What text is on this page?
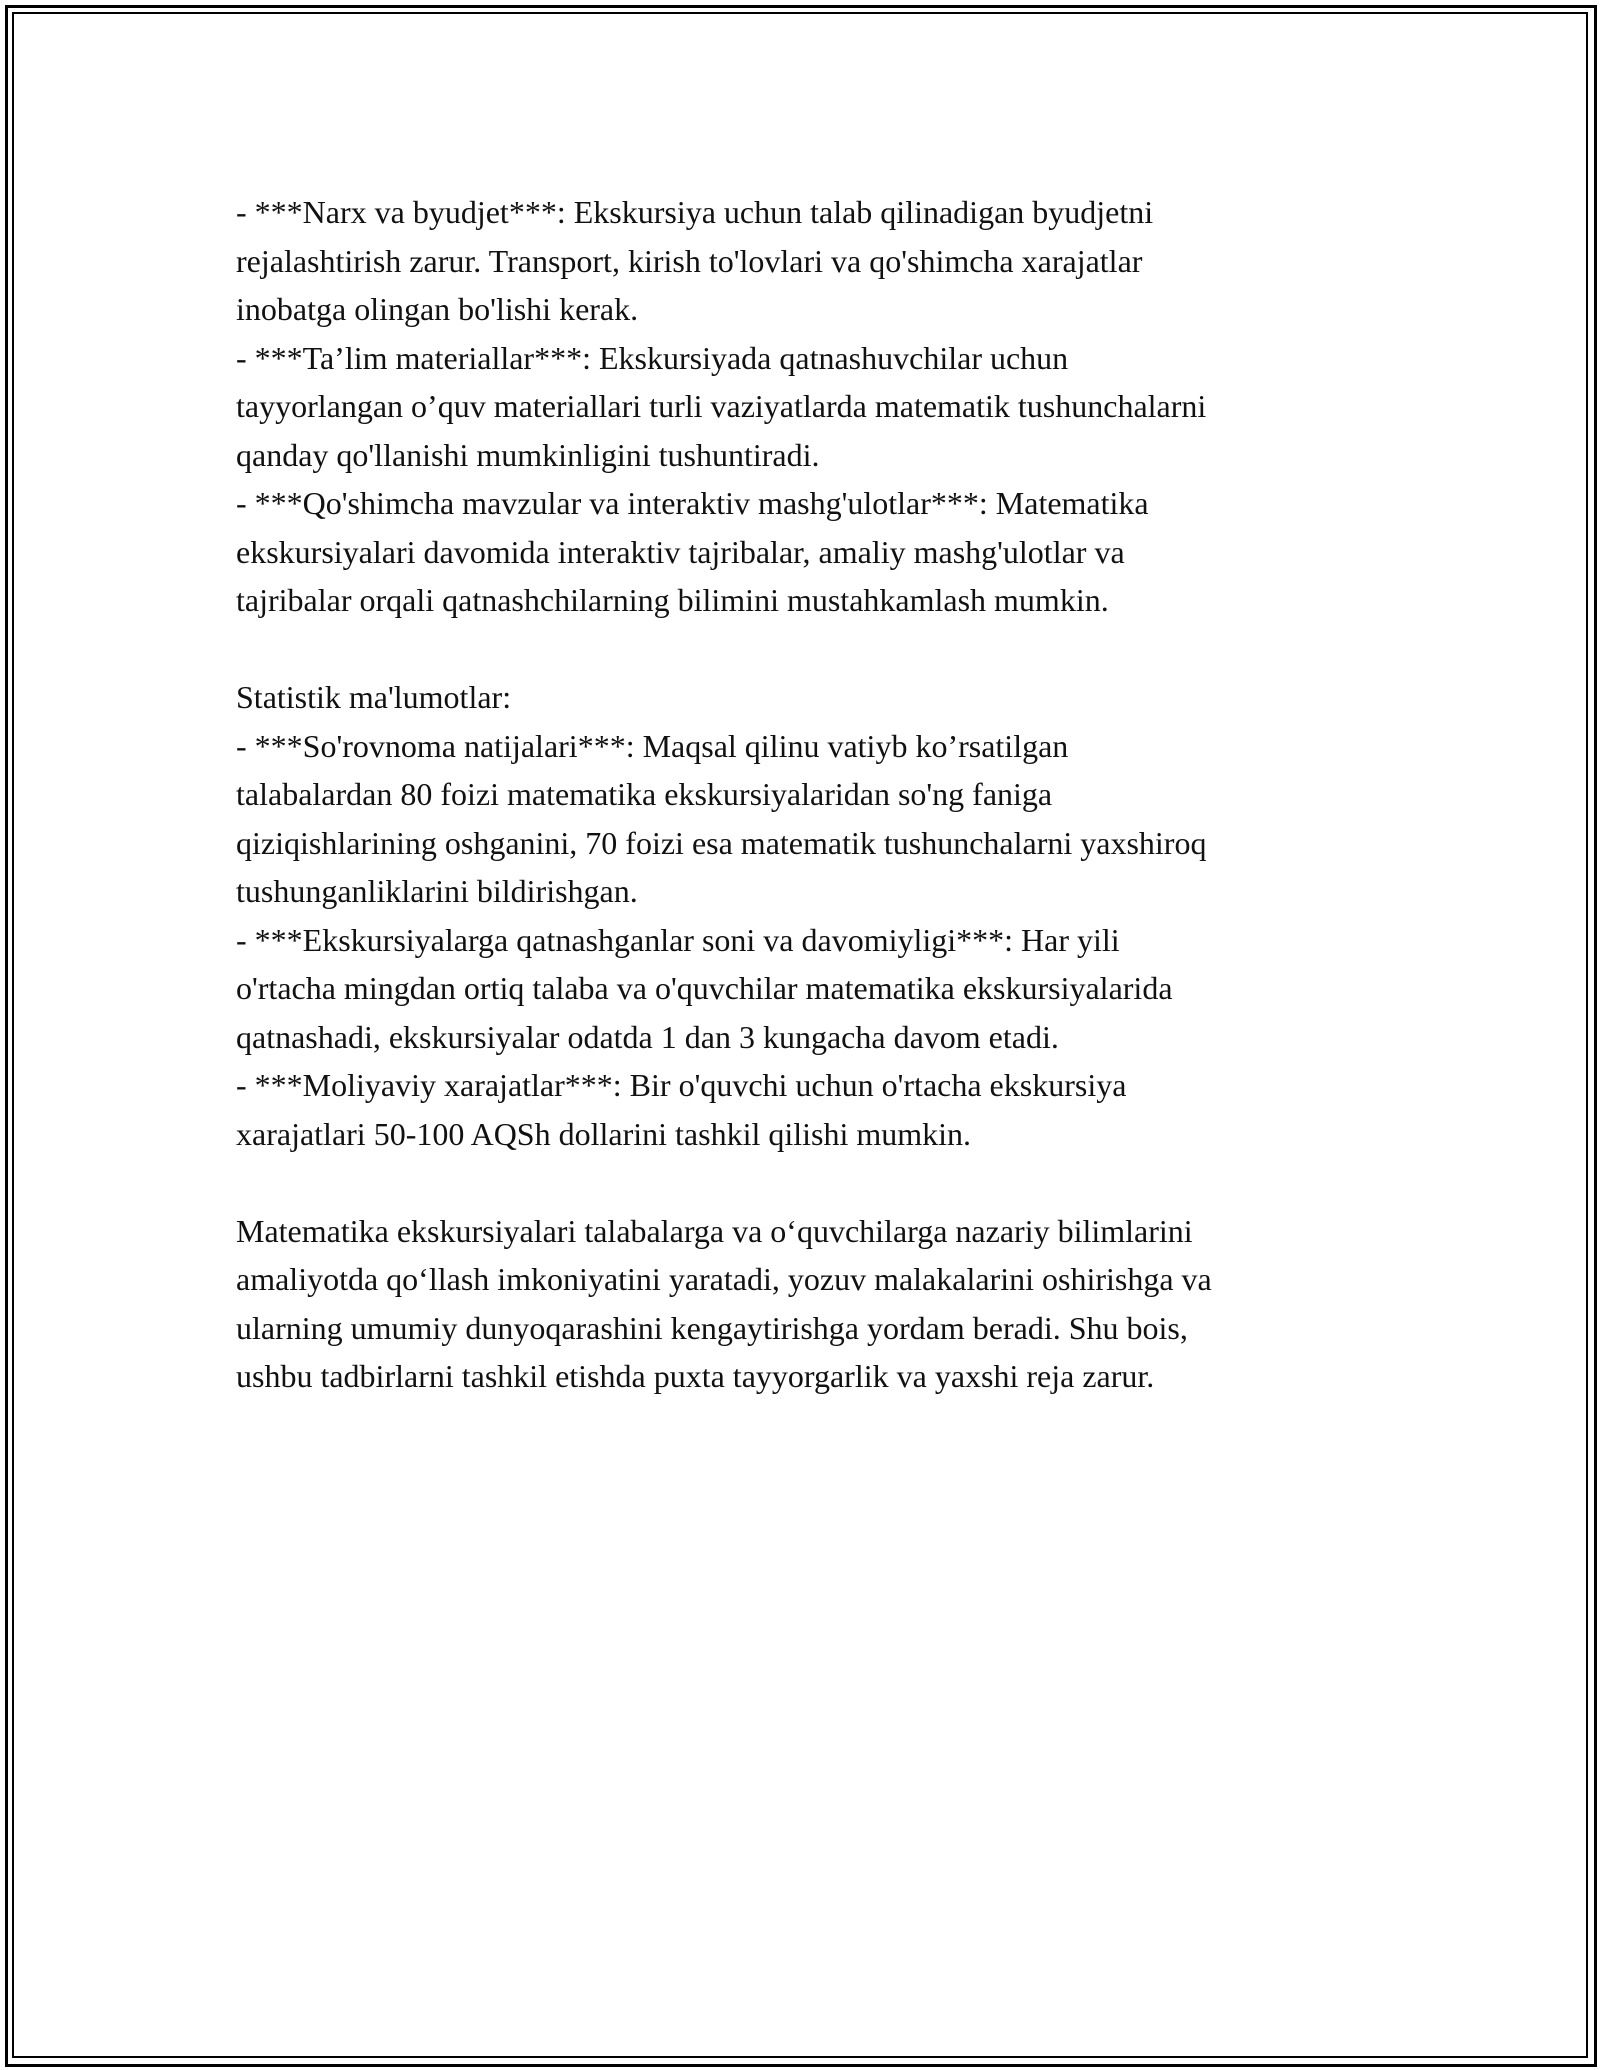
- ***Narx va byudjet***: Ekskursiya uchun talab qilinadigan byudjetni
rejalashtirish zarur. Transport, kirish to'lovlari va qo'shimcha xarajatlar
inobatga olingan bo'lishi kerak.
- ***Ta’lim materiallar***: Ekskursiyada qatnashuvchilar uchun
tayyorlangan o’quv materiallari turli vaziyatlarda matematik tushunchalarni
qanday qo'llanishi mumkinligini tushuntiradi.
- ***Qo'shimcha mavzular va interaktiv mashg'ulotlar***: Matematika
ekskursiyalari davomida interaktiv tajribalar, amaliy mashg'ulotlar va
tajribalar orqali qatnashchilarning bilimini mustahkamlash mumkin.
Statistik ma'lumotlar:
- ***So'rovnoma natijalari***: Maqsal qilinu vatiyb ko’rsatilgan
talabalardan 80 foizi matematika ekskursiyalaridan so'ng faniga
qiziqishlarining oshganini, 70 foizi esa matematik tushunchalarni yaxshiroq
tushunganliklarini bildirishgan.
- ***Ekskursiyalarga qatnashganlar soni va davomiyligi***: Har yili
o'rtacha mingdan ortiq talaba va o'quvchilar matematika ekskursiyalarida
qatnashadi, ekskursiyalar odatda 1 dan 3 kungacha davom etadi.
- ***Moliyaviy xarajatlar***: Bir o'quvchi uchun o'rtacha ekskursiya
xarajatlari 50-100 AQSh dollarini tashkil qilishi mumkin.
Matematika ekskursiyalari talabalarga va o‘quvchilarga nazariy bilimlarini
amaliyotda qo‘llash imkoniyatini yaratadi, yozuv malakalarini oshirishga va
ularning umumiy dunyoqarashini kengaytirishga yordam beradi. Shu bois,
ushbu tadbirlarni tashkil etishda puxta tayyorgarlik va yaxshi reja zarur.
